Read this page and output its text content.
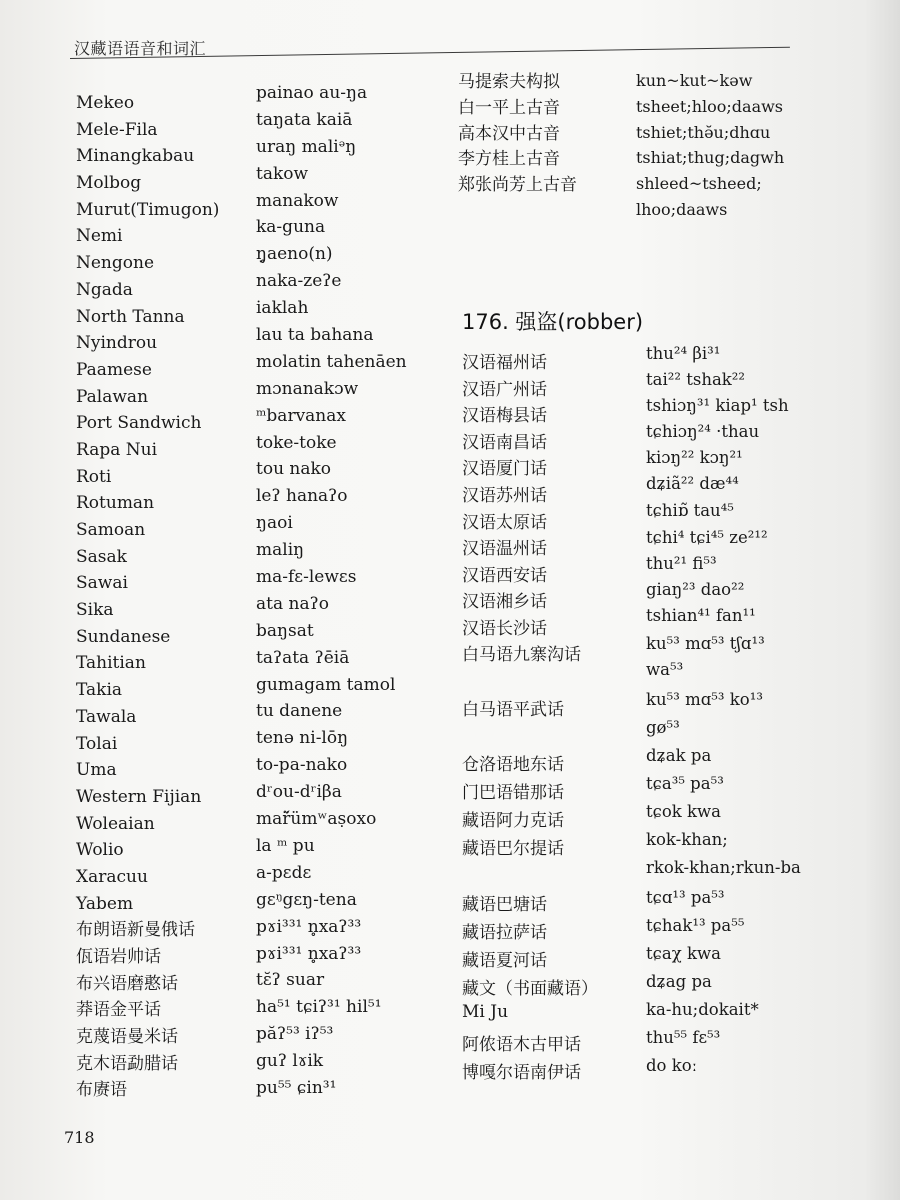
汉藏语语音和词汇
Mekeo
Mele-Fila
Minangkabau
Molbog
Murut(Timugon)
Nemi
Nengone
Ngada
North Tanna
Nyindrou
Paamese
Palawan
Port Sandwich
Rapa Nui
Roti
Rotuman
Samoan
Sasak
Sawai
Sika
Sundanese
Tahitian
Takia
Tawala
Tolai
Uma
Western Fijian
Woleaian
Wolio
Xaracuu
Yabem
布朗语新曼俄话
佤语岩帅话
布兴语磨憨话
莽语金平话
克蔑语曼米话
克木语勐腊话
布赓语
painao au-ŋa
taŋata kaiā
uraŋ maliᵊŋ
takow
manakow
ka-guna
ŋ̥aeno(n)
naka-zeʔe
iaklah
lau ta bahana
molatin tahenāen
mɔnanakɔw
ᵐbarvanax
toke-toke
tou nako
leʔ hanaʔo
ŋaoi
maliŋ
ma-fɛ-lewɛs
ata naʔo
baŋsat
taʔata ʔēiā
gumagam tamol
tu danene
tenə ni-lōŋ
to-pa-nako
dʳou-dʳiβa
mař̈ümʷaṣoxo
la ᵐ pu
a-pɛdɛ
gɛᵑgɛŋ-tena
pɤi³³¹ n̥xaʔ³³
pɤi³³¹ n̥xaʔ³³
tɛ̆ʔ suar
ha⁵¹ tɕiʔ³¹ hil⁵¹
păʔ⁵³ iʔ⁵³
guʔ lɤik
pu⁵⁵ ɕin³¹
马提索夫构拟
白一平上古音
高本汉中古音
李方桂上古音
郑张尚芳上古音
kun~kut~kəw
tsheet;hloo;daaws
tshiet;thə̆u;dhɑu
tshiat;thug;dagwh
shleed~tsheed;
lhoo;daaws
176. 强盗(robber)
汉语福州话
汉语广州话
汉语梅县话
汉语南昌话
汉语厦门话
汉语苏州话
汉语太原话
汉语温州话
汉语西安话
汉语湘乡话
汉语长沙话
白马语九寨沟话
白马语平武话
仓洛语地东话
门巴语错那话
藏语阿力克话
藏语巴尔提话
藏语巴塘话
藏语拉萨话
藏语夏河话
藏文（书面藏语）
Mi Ju
阿侬语木古甲话
博嘎尔语南伊话
thu²⁴ βi³¹
tai²² tshak²²
tshiɔŋ³¹ kiap¹ tsh
tɕhiɔŋ²⁴ ·thau
kiɔŋ²² kɔŋ²¹
dʑiã²² dæ⁴⁴
tɕhiɒ̃ tau⁴⁵
tɕhi⁴ tɕi⁴⁵ ze²¹²
thu²¹ fi⁵³
giaŋ²³ dao²²
tshian⁴¹ fan¹¹
ku⁵³ mɑ⁵³ tʃɑ¹³
wa⁵³
ku⁵³ mɑ⁵³ ko¹³
gø⁵³
dʑak pa
tɕa³⁵ pa⁵³
tɕok kwa
kok-khan;
rkok-khan;rkun-ba
tɕɑ¹³ pa⁵³
tɕhak¹³ pa⁵⁵
tɕaχ kwa
dʑag pa
ka-hu;dokait*
thu⁵⁵ fɛ⁵³
do koː
718
